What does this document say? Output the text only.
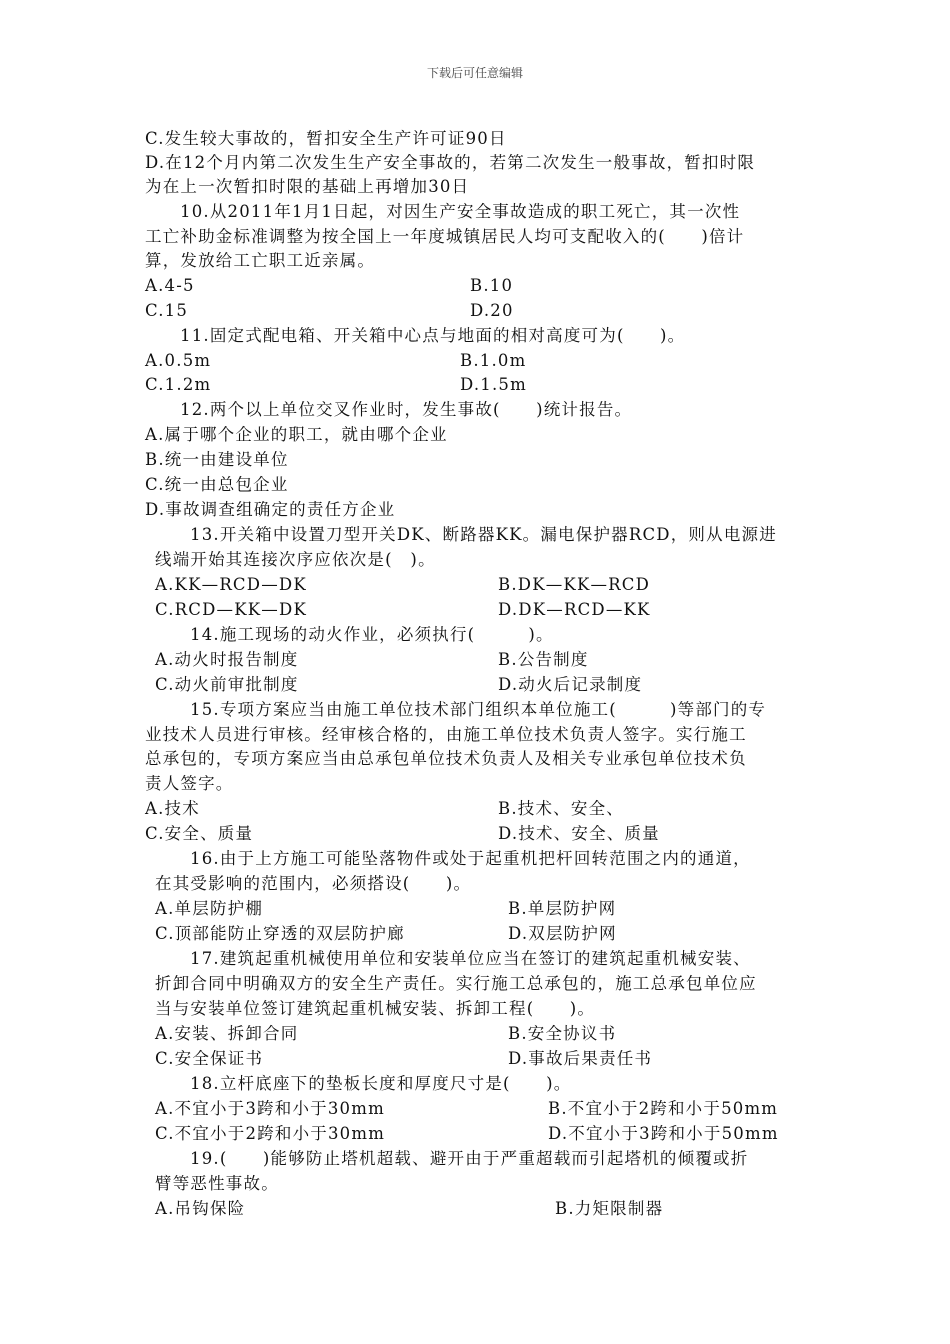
下载后可任意编辑
C.发生较大事故的，暂扣安全生产许可证90日
D.在12个月内第二次发生生产安全事故的，若第二次发生一般事故，暂扣时限
为在上一次暂扣时限的基础上再增加30日
10.从2011年1月1日起，对因生产安全事故造成的职工死亡，其一次性
工亡补助金标准调整为按全国上一年度城镇居民人均可支配收入的(　　)倍计
算，发放给工亡职工近亲属。
A.4-5	B.10
C.15	D.20
11.固定式配电箱、开关箱中心点与地面的相对高度可为(　　)。
A.0.5m	B.1.0m
C.1.2m	D.1.5m
12.两个以上单位交叉作业时，发生事故(　　)统计报告。
A.属于哪个企业的职工，就由哪个企业
B.统一由建设单位
C.统一由总包企业
D.事故调查组确定的责任方企业
13.开关箱中设置刀型开关DK、断路器KK。漏电保护器RCD，则从电源进
线端开始其连接次序应依次是(　)。
A.KK—RCD—DK	B.DK—KK—RCD
C.RCD—KK—DK	D.DK—RCD—KK
14.施工现场的动火作业，必须执行(　　　)。
A.动火时报告制度	B.公告制度
C.动火前审批制度	D.动火后记录制度
15.专项方案应当由施工单位技术部门组织本单位施工(　　　)等部门的专
业技术人员进行审核。经审核合格的，由施工单位技术负责人签字。实行施工
总承包的，专项方案应当由总承包单位技术负责人及相关专业承包单位技术负
责人签字。
A.技术	B.技术、安全、
C.安全、质量	D.技术、安全、质量
16.由于上方施工可能坠落物件或处于起重机把杆回转范围之内的通道，
在其受影响的范围内，必须搭设(　　)。
A.单层防护棚	B.单层防护网
C.顶部能防止穿透的双层防护廊	D.双层防护网
17.建筑起重机械使用单位和安装单位应当在签订的建筑起重机械安装、
折卸合同中明确双方的安全生产责任。实行施工总承包的，施工总承包单位应
当与安装单位签订建筑起重机械安装、拆卸工程(　　)。
A.安装、拆卸合同	B.安全协议书
C.安全保证书	D.事故后果责任书
18.立杆底座下的垫板长度和厚度尺寸是(　　)。
A.不宜小于3跨和小于30mm	B.不宜小于2跨和小于50mm
C.不宜小于2跨和小于30mm	D.不宜小于3跨和小于50mm
19.(　　)能够防止塔机超载、避开由于严重超载而引起塔机的倾覆或折
臂等恶性事故。
A.吊钩保险	B.力矩限制器
